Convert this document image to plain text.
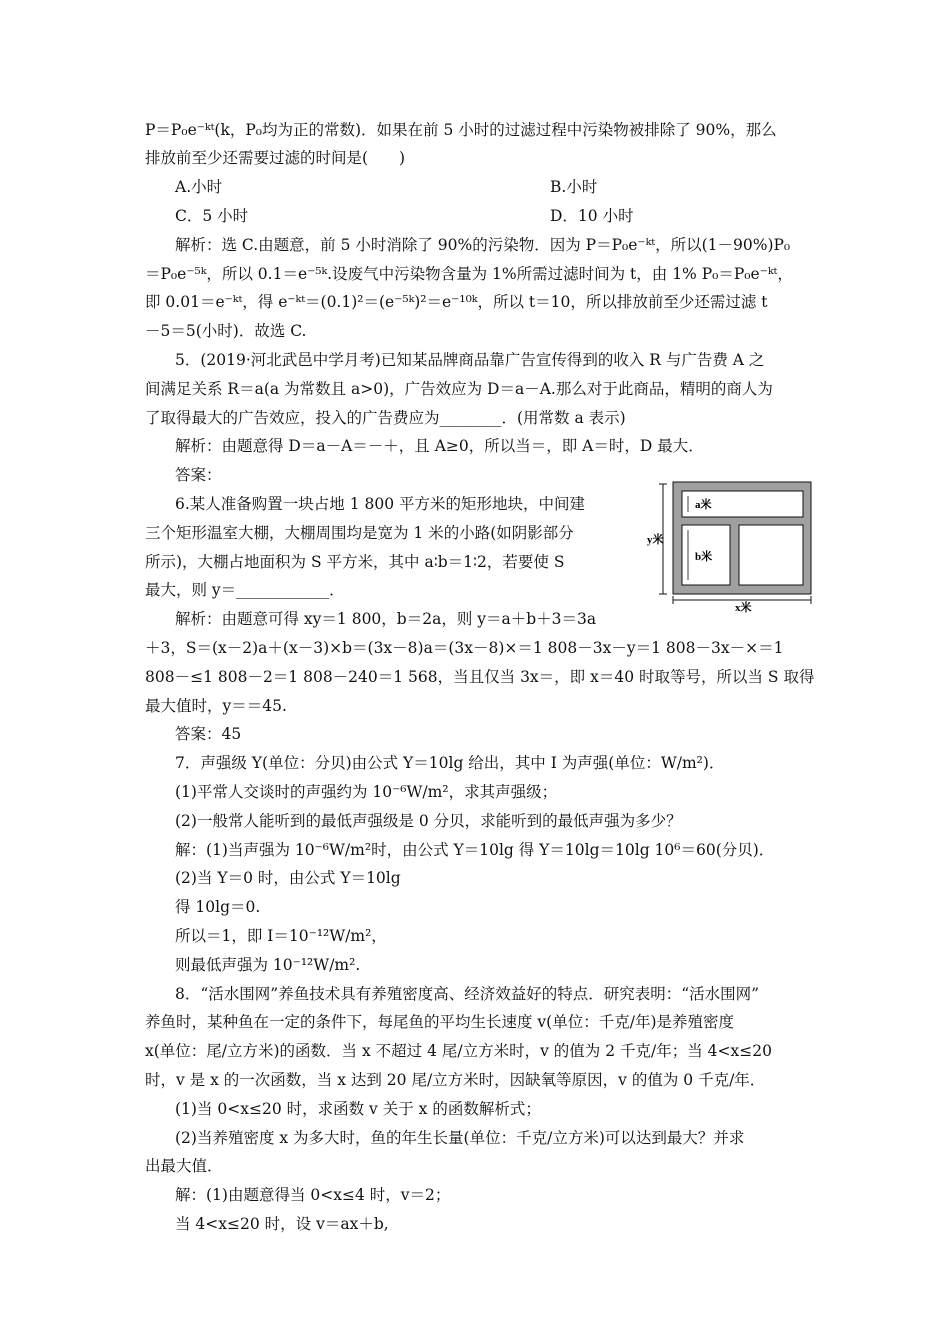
P＝P₀e⁻ᵏᵗ(k，P₀均为正的常数)．如果在前 5 小时的过滤过程中污染物被排除了 90%，那么
排放前至少还需要过滤的时间是(　　)
A.小时	B.小时
C．5 小时	D．10 小时
解析：选 C.由题意，前 5 小时消除了 90%的污染物．因为 P＝P₀e⁻ᵏᵗ，所以(1－90%)P₀
＝P₀e⁻⁵ᵏ，所以 0.1＝e⁻⁵ᵏ.设废气中污染物含量为 1%所需过滤时间为 t，由 1% P₀＝P₀e⁻ᵏᵗ，
即 0.01＝e⁻ᵏᵗ，得 e⁻ᵏᵗ＝(0.1)²＝(e⁻⁵ᵏ)²＝e⁻¹⁰ᵏ，所以 t＝10，所以排放前至少还需过滤 t
－5＝5(小时)．故选 C.
5．(2019·河北武邑中学月考)已知某品牌商品靠广告宣传得到的收入 R 与广告费 A 之
间满足关系 R＝a(a 为常数且 a>0)，广告效应为 D＝a－A.那么对于此商品，精明的商人为
了取得最大的广告效应，投入的广告费应为________．(用常数 a 表示)
解析：由题意得 D＝a－A＝－＋，且 A≥0，所以当＝，即 A＝时，D 最大．
答案：
6.某人准备购置一块占地 1 800 平方米的矩形地块，中间建
三个矩形温室大棚，大棚周围均是宽为 1 米的小路(如阴影部分
所示)，大棚占地面积为 S 平方米，其中 a∶b＝1∶2，若要使 S
最大，则 y＝____________．
解析：由题意可得 xy＝1 800，b＝2a，则 y＝a＋b＋3＝3a
＋3，S＝(x－2)a＋(x－3)×b＝(3x－8)a＝(3x－8)×＝1 808－3x－y＝1 808－3x－×＝1
808－≤1 808－2＝1 808－240＝1 568，当且仅当 3x＝，即 x＝40 时取等号，所以当 S 取得
最大值时，y＝＝45.
答案：45
7．声强级 Y(单位：分贝)由公式 Y＝10lg 给出，其中 I 为声强(单位：W/m²)．
(1)平常人交谈时的声强约为 10⁻⁶W/m²，求其声强级；
(2)一般常人能听到的最低声强级是 0 分贝，求能听到的最低声强为多少？
解：(1)当声强为 10⁻⁶W/m²时，由公式 Y＝10lg 得 Y＝10lg＝10lg 10⁶＝60(分贝)．
(2)当 Y＝0 时，由公式 Y＝10lg
得 10lg＝0.
所以＝1，即 I＝10⁻¹²W/m²，
则最低声强为 10⁻¹²W/m².
8．“活水围网”养鱼技术具有养殖密度高、经济效益好的特点．研究表明：“活水围网”
养鱼时，某种鱼在一定的条件下，每尾鱼的平均生长速度 v(单位：千克/年)是养殖密度
x(单位：尾/立方米)的函数．当 x 不超过 4 尾/立方米时，v 的值为 2 千克/年；当 4<x≤20
时，v 是 x 的一次函数，当 x 达到 20 尾/立方米时，因缺氧等原因，v 的值为 0 千克/年．
(1)当 0<x≤20 时，求函数 v 关于 x 的函数解析式；
(2)当养殖密度 x 为多大时，鱼的年生长量(单位：千克/立方米)可以达到最大？并求
出最大值．
解：(1)由题意得当 0<x≤4 时，v＝2；
当 4<x≤20 时，设 v＝ax＋b,
y米
a米
b米
x米
